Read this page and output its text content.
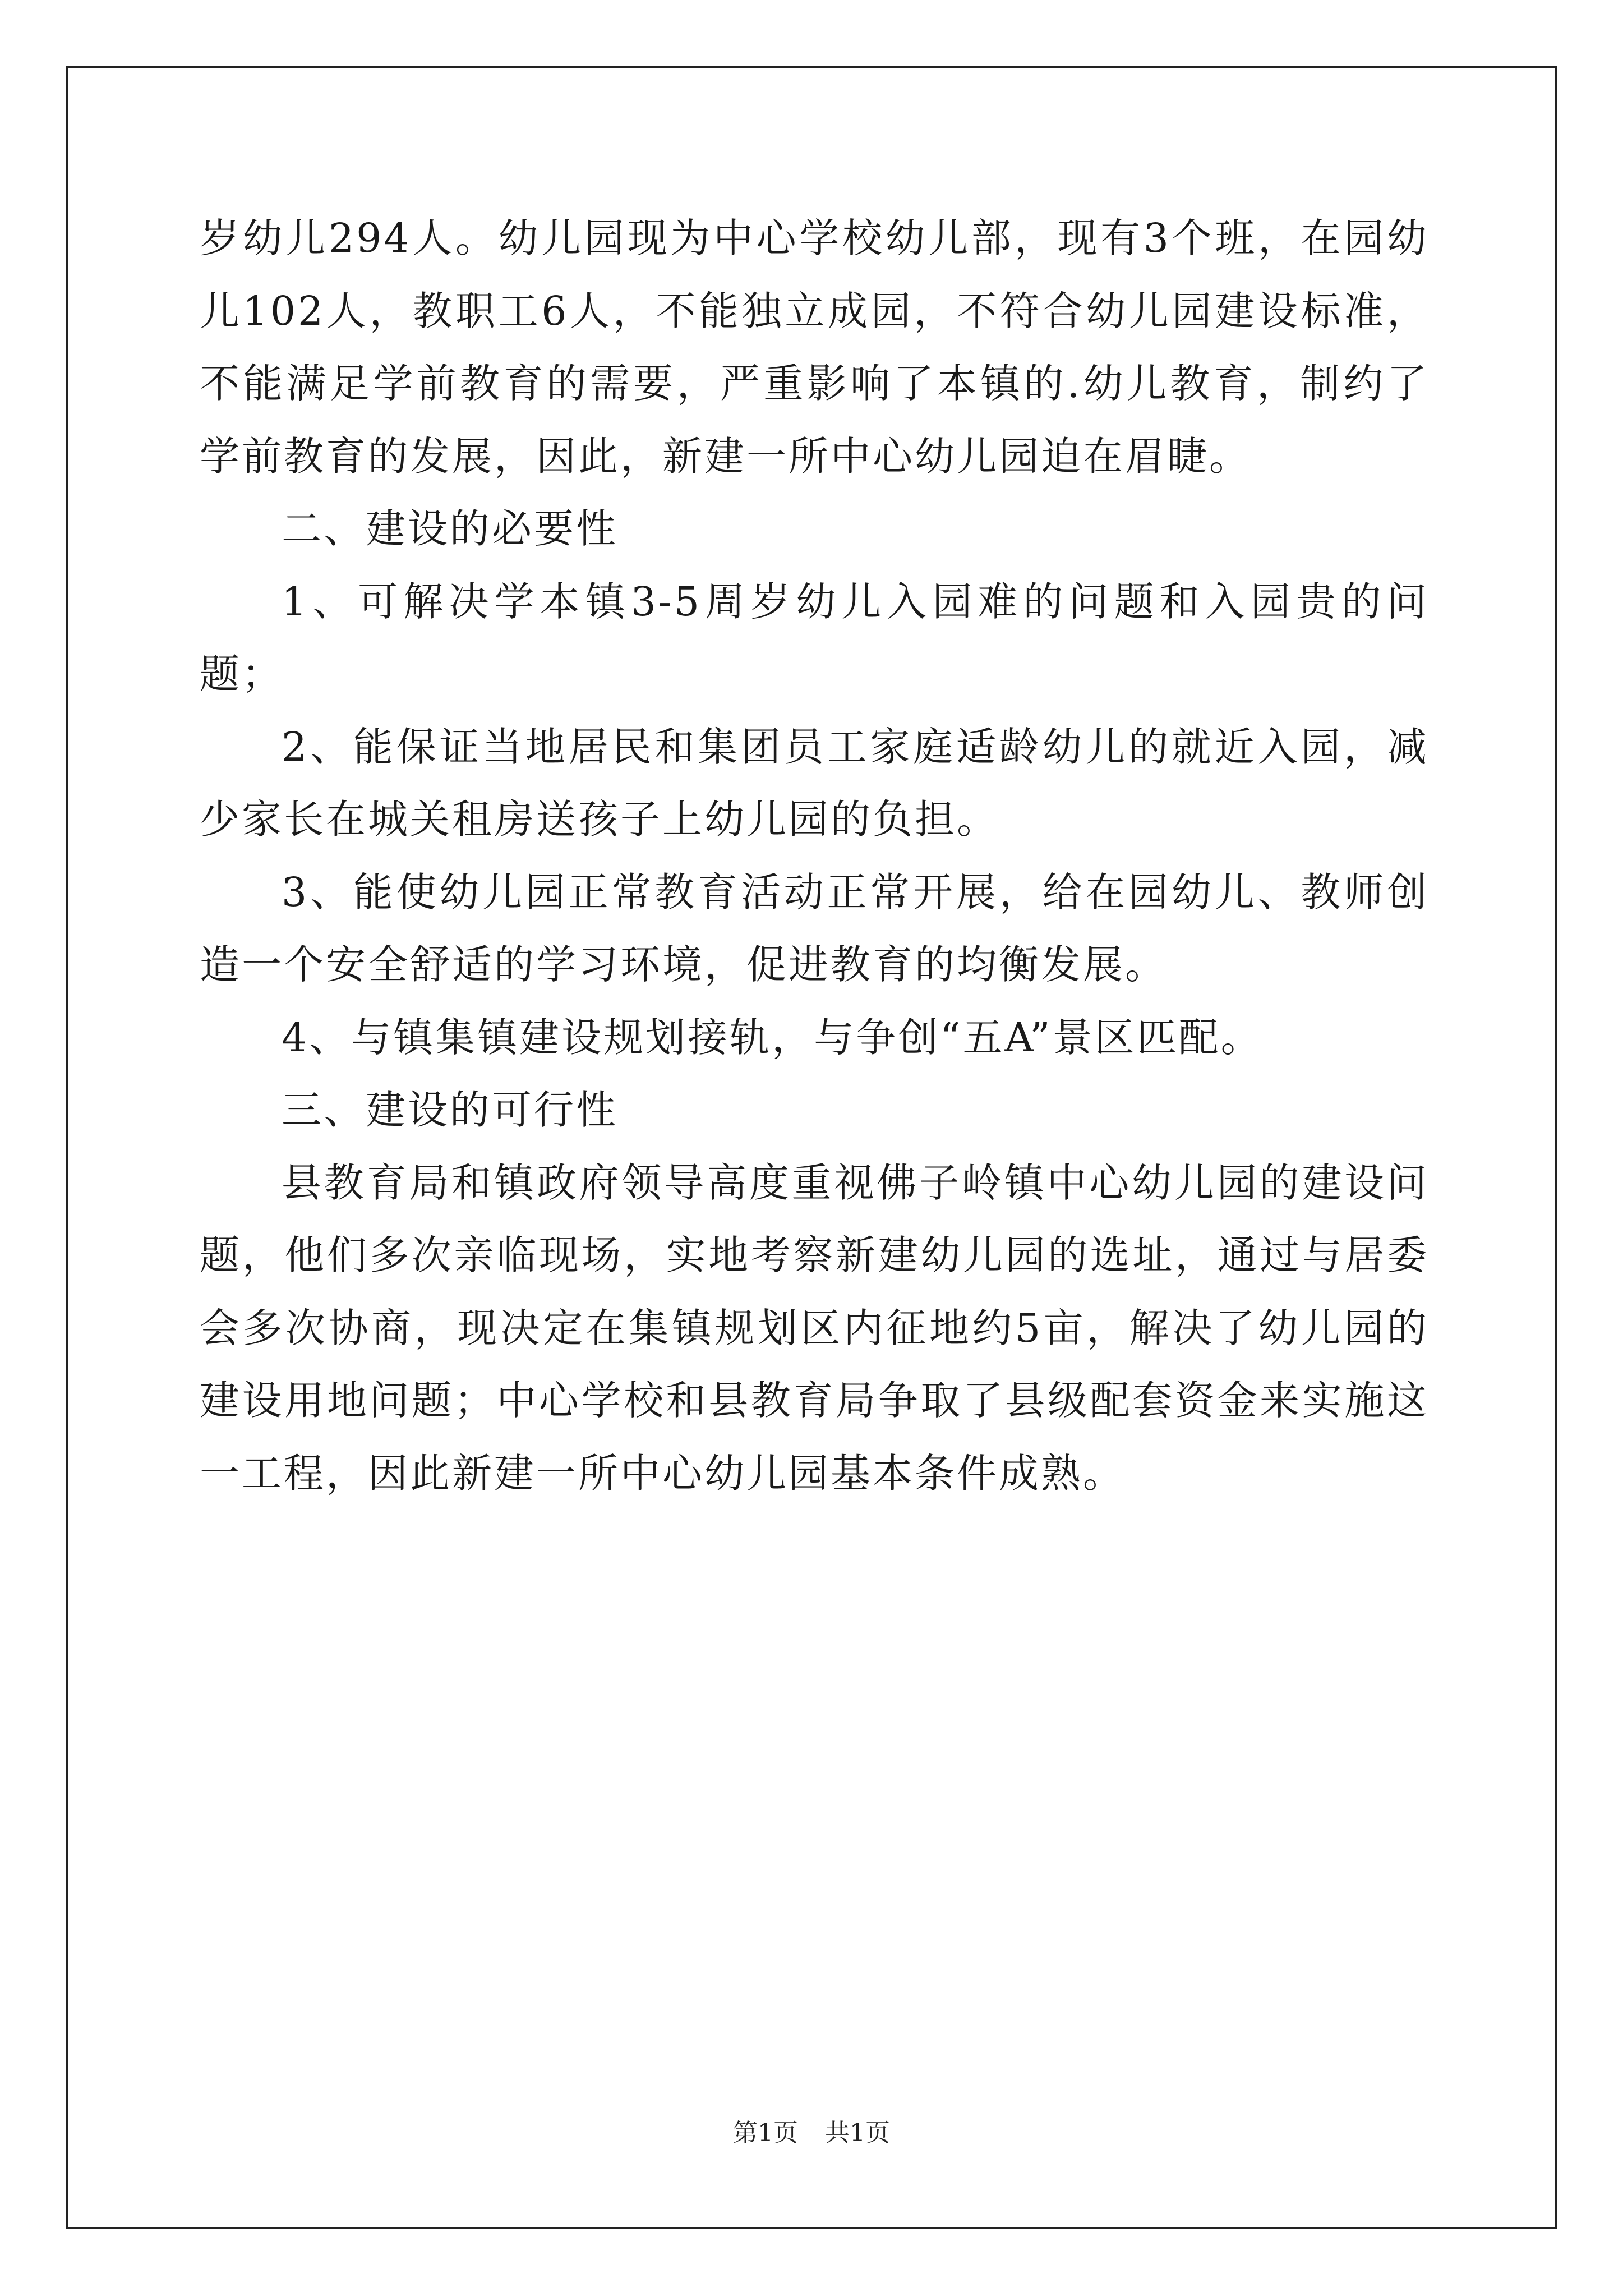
岁幼儿294人。幼儿园现为中心学校幼儿部，现有3个班，在园幼儿102人，教职工6人，不能独立成园，不符合幼儿园建设标准，不能满足学前教育的需要，严重影响了本镇的.幼儿教育，制约了学前教育的发展，因此，新建一所中心幼儿园迫在眉睫。

二、建设的必要性

1、可解决学本镇3-5周岁幼儿入园难的问题和入园贵的问题；

2、能保证当地居民和集团员工家庭适龄幼儿的就近入园，减少家长在城关租房送孩子上幼儿园的负担。

3、能使幼儿园正常教育活动正常开展，给在园幼儿、教师创造一个安全舒适的学习环境，促进教育的均衡发展。

4、与镇集镇建设规划接轨，与争创“五A”景区匹配。

三、建设的可行性

县教育局和镇政府领导高度重视佛子岭镇中心幼儿园的建设问题，他们多次亲临现场，实地考察新建幼儿园的选址，通过与居委会多次协商，现决定在集镇规划区内征地约5亩，解决了幼儿园的建设用地问题；中心学校和县教育局争取了县级配套资金来实施这一工程，因此新建一所中心幼儿园基本条件成熟。

第1页 共1页
